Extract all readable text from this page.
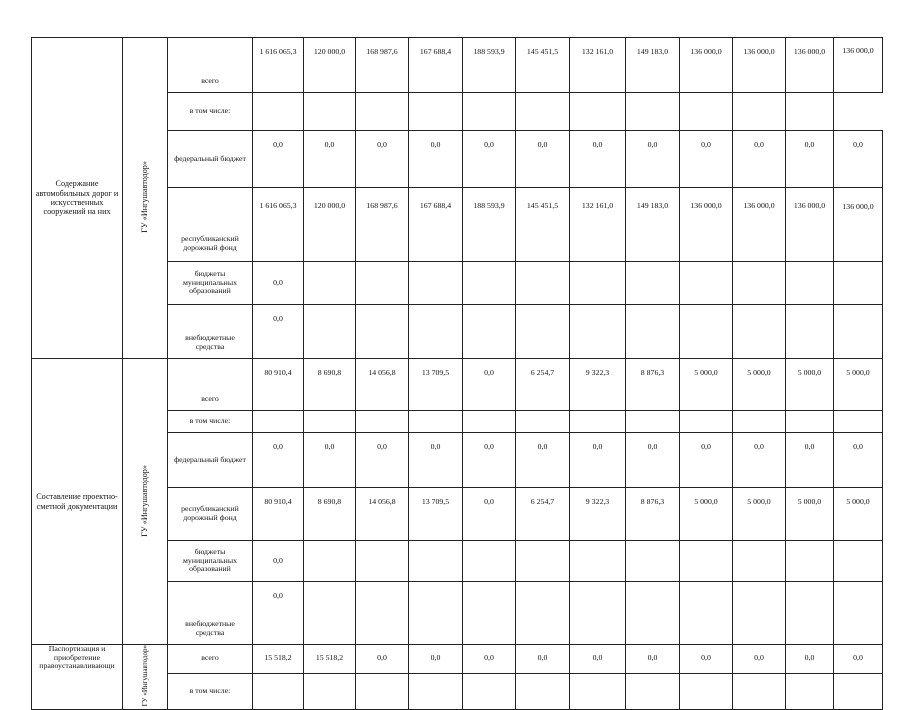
Содержание автомобильных дорог и искусственных сооружений на них	ГУ «Ингушавтодор»	всего	1 616 065,3	120 000,0	168 987,6	167 688,4	188 593,9	145 451,5	132 161,0	149 183,0	136 000,0	136 000,0	136 000,0	136 000,0
		в том числе:												
		федеральный бюджет	0,0	0,0	0,0	0,0	0,0	0,0	0,0	0,0	0,0	0,0	0,0	0,0
		республиканский дорожный фонд	1 616 065,3	120 000,0	168 987,6	167 688,4	188 593,9	145 451,5	132 161,0	149 183,0	136 000,0	136 000,0	136 000,0	136 000,0
		бюджеты муниципальных образований	0,0											
		внебюджетные средства	0,0											
Составление проектно-сметной документации	ГУ «Ингушавтодор»	всего	80 910,4	8 690,8	14 056,8	13 709,5	0,0	6 254,7	9 322,3	8 876,3	5 000,0	5 000,0	5 000,0	5 000,0
		в том числе:												
		федеральный бюджет	0,0	0,0	0,0	0,0	0,0	0,0	0,0	0,0	0,0	0,0	0,0	0,0
		республиканский дорожный фонд	80 910,4	8 690,8	14 056,8	13 709,5	0,0	6 254,7	9 322,3	8 876,3	5 000,0	5 000,0	5 000,0	5 000,0
		бюджеты муниципальных образований	0,0											
		внебюджетные средства	0,0											
Паспортизация и приобретение правоустанавливающи	ГУ «Ингушавтодор»	всего	15 518,2	15 518,2	0,0	0,0	0,0	0,0	0,0	0,0	0,0	0,0	0,0	0,0
		в том числе:												
